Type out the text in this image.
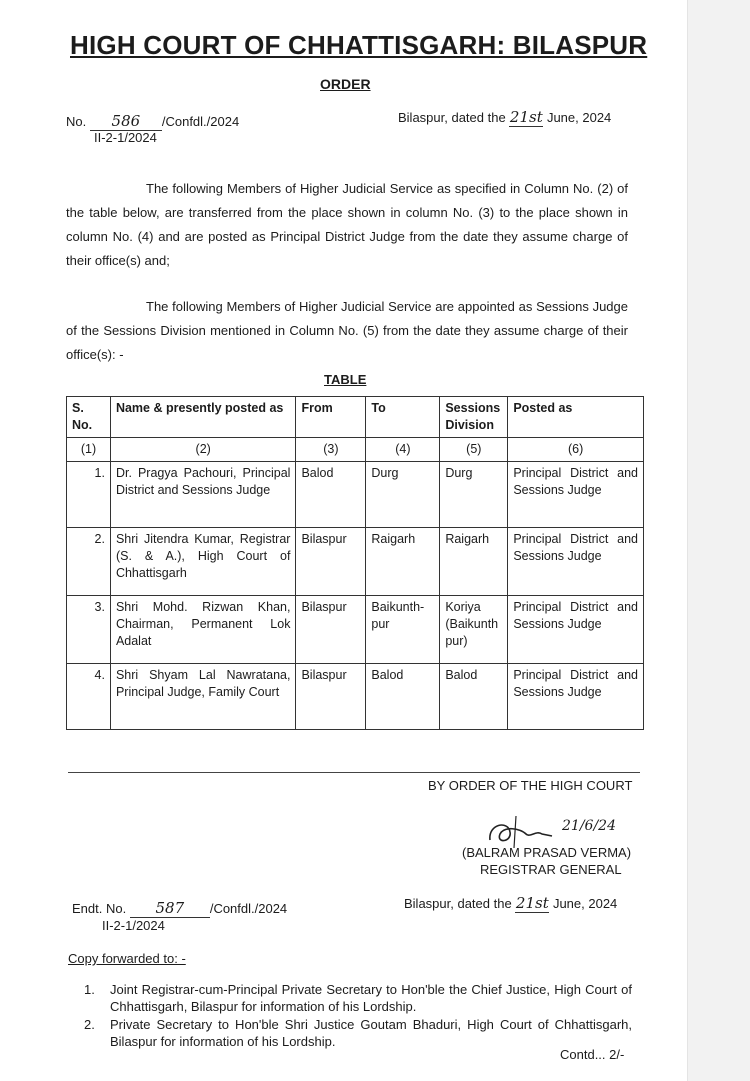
HIGH COURT OF CHHATTISGARH: BILASPUR
ORDER
No. 586 /Confdl./2024
II-2-1/2024
Bilaspur, dated the 21st June, 2024
The following Members of Higher Judicial Service as specified in Column No. (2) of the table below, are transferred from the place shown in column No. (3) to the place shown in column No. (4) and are posted as Principal District Judge from the date they assume charge of their office(s) and;
The following Members of Higher Judicial Service are appointed as Sessions Judge of the Sessions Division mentioned in Column No. (5) from the date they assume charge of their office(s): -
TABLE
S. No.	Name & presently posted as	From	To	Sessions Division	Posted as
(1)	(2)	(3)	(4)	(5)	(6)
1.	Dr. Pragya Pachouri, Principal District and Sessions Judge	Balod	Durg	Durg	Principal District and Sessions Judge
2.	Shri Jitendra Kumar, Registrar (S. & A.), High Court of Chhattisgarh	Bilaspur	Raigarh	Raigarh	Principal District and Sessions Judge
3.	Shri Mohd. Rizwan Khan, Chairman, Permanent Lok Adalat	Bilaspur	Baikunth-pur	Koriya (Baikunth pur)	Principal District and Sessions Judge
4.	Shri Shyam Lal Nawratana, Principal Judge, Family Court	Bilaspur	Balod	Balod	Principal District and Sessions Judge
BY ORDER OF THE HIGH COURT
21/6/24
(BALRAM PRASAD VERMA)
REGISTRAR GENERAL
Endt. No. 587 /Confdl./2024
II-2-1/2024
Bilaspur, dated the 21st June, 2024
Copy forwarded to: -
1.	Joint Registrar-cum-Principal Private Secretary to Hon'ble the Chief Justice, High Court of Chhattisgarh, Bilaspur for information of his Lordship.
2.	Private Secretary to Hon'ble Shri Justice Goutam Bhaduri, High Court of Chhattisgarh, Bilaspur for information of his Lordship.
Contd... 2/-
